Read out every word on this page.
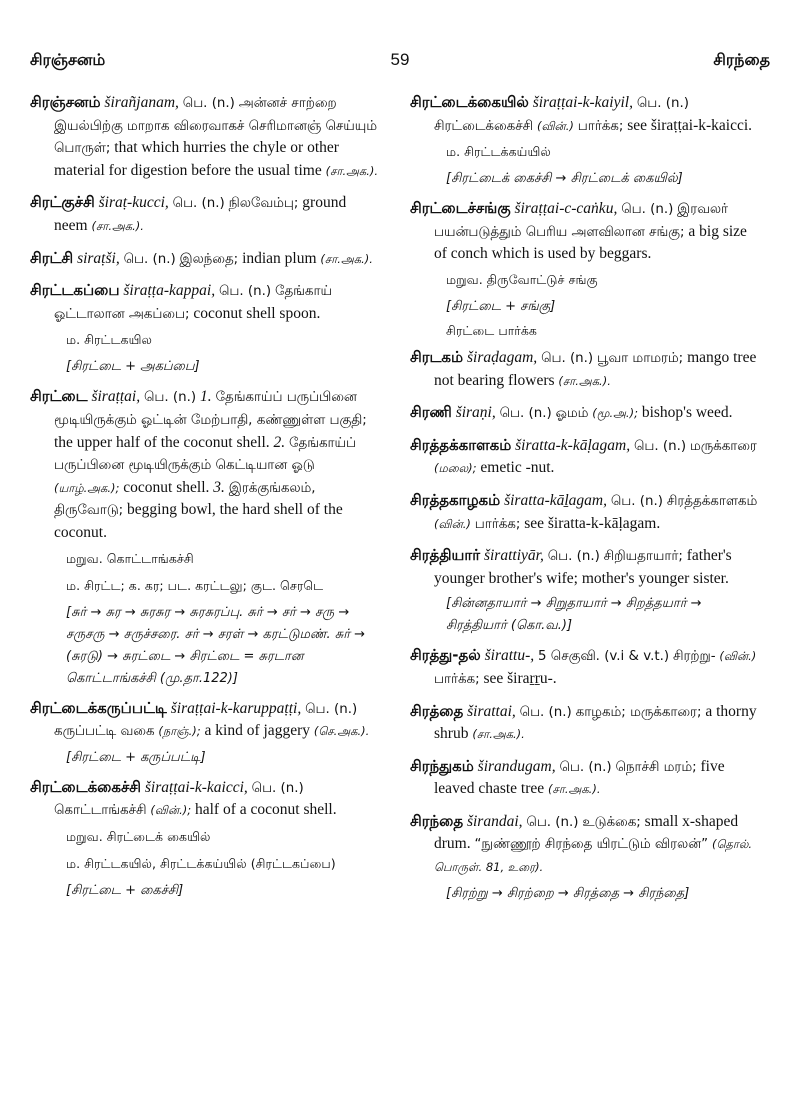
சிரஞ்சனம்	59	சிரந்தை

சிரஞ்சனம் širañjanam, பெ. (n.) அன்னச் சாற்றை இயல்பிற்கு மாறாக விரைவாகச் செரிமானஞ் செய்யும் பொருள்; that which hurries the chyle or other material for digestion before the usual time (சா.அக.).

சிரட்குச்சி širaṭ-kucci, பெ. (n.) நிலவேம்பு; ground neem (சா.அக.).

சிரட்சி siraṭši, பெ. (n.) இலந்தை; indian plum (சா.அக.).

சிரட்டகப்பை širaṭṭa-kappai, பெ. (n.) தேங்காய் ஓட்டாலான அகப்பை; coconut shell spoon.

ம. சிரட்டகயில
[சிரட்டை + அகப்பை]

சிரட்டை širaṭṭai, பெ. (n.) 1. தேங்காய்ப் பருப்பினை மூடியிருக்கும் ஓட்டின் மேற்பாதி, கண்ணுள்ள பகுதி; the upper half of the coconut shell. 2. தேங்காய்ப் பருப்பினை மூடியிருக்கும் கெட்டியான ஓடு (யாழ்.அக.); coconut shell. 3. இரக்குங்கலம், திருவோடு; begging bowl, the hard shell of the coconut.

மறுவ. கொட்டாங்கச்சி
ம. சிரட்ட; க. கர; பட. கரட்டலு; குட. செரடெ
[சுர் → சுர → சுரசுர → சுரசுரப்பு. சுர் → சர் → சரு → சருசரு → சருச்சரை. சர் → சரள் → கரட்டுமண். சுர் → (சுரடு) → சுரட்டை → சிரட்டை = சுரடான கொட்டாங்கச்சி (மு.தா.122)]

சிரட்டைக்கருப்பட்டி širaṭṭai-k-karuppaṭṭi, பெ. (n.) கருப்பட்டி வகை (நாஞ்.); a kind of jaggery (செ.அக.).

[சிரட்டை + கருப்பட்டி]

சிரட்டைக்கைச்சி širaṭṭai-k-kaicci, பெ. (n.) கொட்டாங்கச்சி (வின்.); half of a coconut shell.

மறுவ. சிரட்டைக் கையில்
ம. சிரட்டகயில், சிரட்டக்கய்யில் (சிரட்டகப்பை)
[சிரட்டை + கைச்சி]

சிரட்டைக்கையில் širaṭṭai-k-kaiyil, பெ. (n.) சிரட்டைக்கைச்சி (வின்.) பார்க்க; see širaṭṭai-k-kaicci.

ம. சிரட்டக்கய்யில்
[சிரட்டைக் கைச்சி → சிரட்டைக் கையில்]

சிரட்டைச்சங்கு širaṭṭai-c-caṅku, பெ. (n.) இரவலர் பயன்படுத்தும் பெரிய அளவிலான சங்கு; a big size of conch which is used by beggars.

மறுவ. திருவோட்டுச் சங்கு
[சிரட்டை + சங்கு]
சிரட்டை பார்க்க

சிரடகம் širaḍagam, பெ. (n.) பூவா மாமரம்; mango tree not bearing flowers (சா.அக.).

சிரணி širaṇi, பெ. (n.) ஓமம் (மூ.அ.); bishop's weed.

சிரத்தக்காளகம் širatta-k-kāḷagam, பெ. (n.) மருக்காரை (மலை); emetic -nut.

சிரத்தகாழகம் širatta-kāḻagam, பெ. (n.) சிரத்தக்காளகம் (வின்.) பார்க்க; see širatta-k-kāḷagam.

சிரத்தியார் širattiyār, பெ. (n.) சிறியதாயார்; father's younger brother's wife; mother's younger sister.

[சின்னதாயார் → சிறுதாயார் → சிறத்தயார் → சிரத்தியார் (கொ.வ.)]

சிரத்து-தல் širattu-, 5 செகுவி. (v.i & v.t.) சிரற்று- (வின்.) பார்க்க; see širaṟṟu-.

சிரத்தை širattai, பெ. (n.) காழகம்; மருக்காரை; a thorny shrub (சா.அக.).

சிரந்துகம் širandugam, பெ. (n.) நொச்சி மரம்; five leaved chaste tree (சா.அக.).

சிரந்தை širandai, பெ. (n.) உடுக்கை; small x-shaped drum. “நுண்ணூற் சிரந்தை யிரட்டும் விரலன்” (தொல். பொருள். 81, உரை).

[சிரற்று → சிரற்றை → சிரத்தை → சிரந்தை]
